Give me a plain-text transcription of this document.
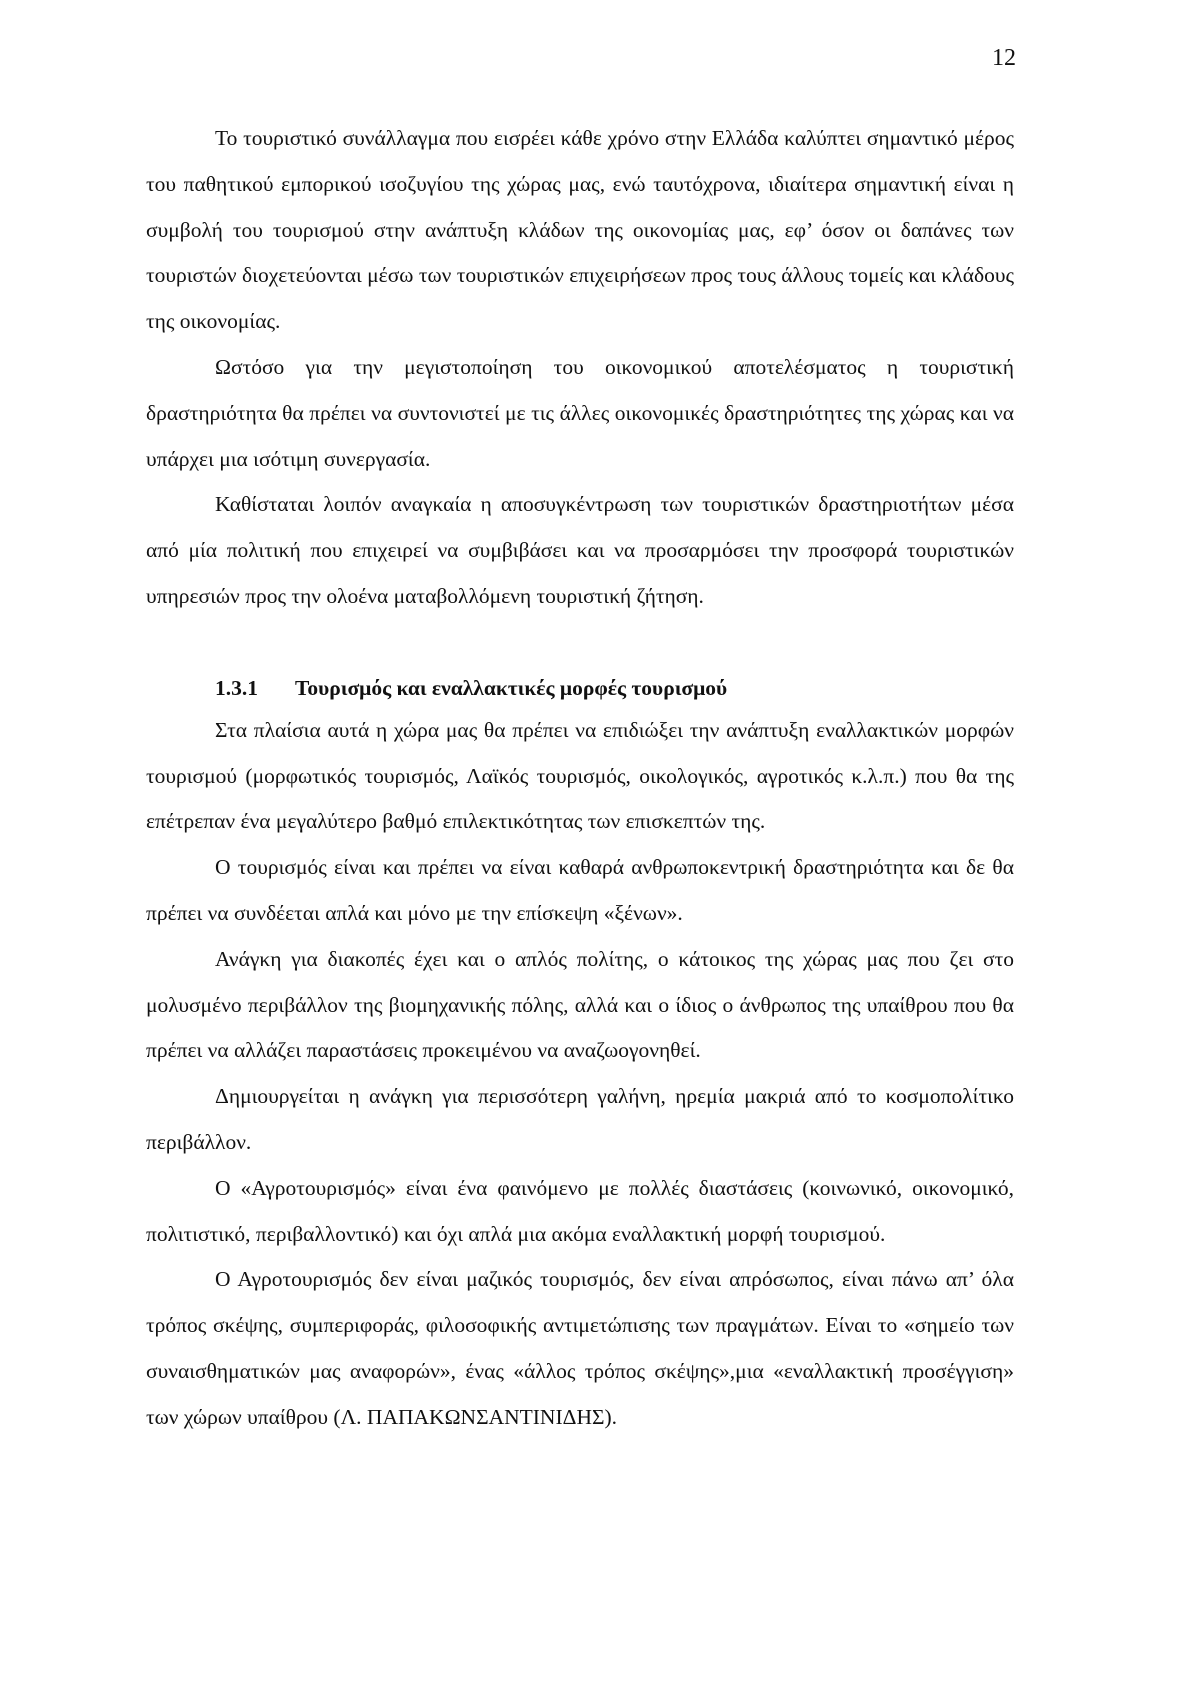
12

Το τουριστικό συνάλλαγμα που εισρέει κάθε χρόνο στην Ελλάδα καλύπτει σημαντικό μέρος του παθητικού εμπορικού ισοζυγίου της χώρας μας, ενώ ταυτόχρονα, ιδιαίτερα σημαντική είναι η συμβολή του τουρισμού στην ανάπτυξη κλάδων της οικονομίας μας, εφ’ όσον οι δαπάνες των τουριστών διοχετεύονται μέσω των τουριστικών επιχειρήσεων προς τους άλλους τομείς και κλάδους της οικονομίας.

Ωστόσο για την μεγιστοποίηση του οικονομικού αποτελέσματος η τουριστική δραστηριότητα θα πρέπει να συντονιστεί με τις άλλες οικονομικές δραστηριότητες της χώρας και να υπάρχει μια ισότιμη συνεργασία.

Καθίσταται λοιπόν αναγκαία η αποσυγκέντρωση των τουριστικών δραστηριοτήτων μέσα από μία πολιτική που επιχειρεί να συμβιβάσει και να προσαρμόσει την προσφορά τουριστικών υπηρεσιών προς την ολοένα ματαβολλόμενη τουριστική ζήτηση.

1.3.1 Τουρισμός και εναλλακτικές μορφές τουρισμού

Στα πλαίσια αυτά η χώρα μας θα πρέπει να επιδιώξει την ανάπτυξη εναλλακτικών μορφών τουρισμού (μορφωτικός τουρισμός, Λαϊκός τουρισμός, οικολογικός, αγροτικός κ.λ.π.) που θα της επέτρεπαν ένα μεγαλύτερο βαθμό επιλεκτικότητας των επισκεπτών της.

Ο τουρισμός είναι και πρέπει να είναι καθαρά ανθρωποκεντρική δραστηριότητα και δε θα πρέπει να συνδέεται απλά και μόνο με την επίσκεψη «ξένων».

Ανάγκη για διακοπές έχει και ο απλός πολίτης, ο κάτοικος της χώρας μας που ζει στο μολυσμένο περιβάλλον της βιομηχανικής πόλης, αλλά και ο ίδιος ο άνθρωπος της υπαίθρου που θα πρέπει να αλλάζει παραστάσεις προκειμένου να αναζωογονηθεί.

Δημιουργείται η ανάγκη για περισσότερη γαλήνη, ηρεμία μακριά από το κοσμοπολίτικο περιβάλλον.

Ο «Αγροτουρισμός» είναι ένα φαινόμενο με πολλές διαστάσεις (κοινωνικό, οικονομικό, πολιτιστικό, περιβαλλοντικό) και όχι απλά μια ακόμα εναλλακτική μορφή τουρισμού.

Ο Αγροτουρισμός δεν είναι μαζικός τουρισμός, δεν είναι απρόσωπος, είναι πάνω απ’ όλα τρόπος σκέψης, συμπεριφοράς, φιλοσοφικής αντιμετώπισης των πραγμάτων. Είναι το «σημείο των συναισθηματικών μας αναφορών», ένας «άλλος τρόπος σκέψης»,μια «εναλλακτική προσέγγιση» των χώρων υπαίθρου (Λ. ΠΑΠΑΚΩΝΣΑΝΤΙΝΙΔΗΣ).
